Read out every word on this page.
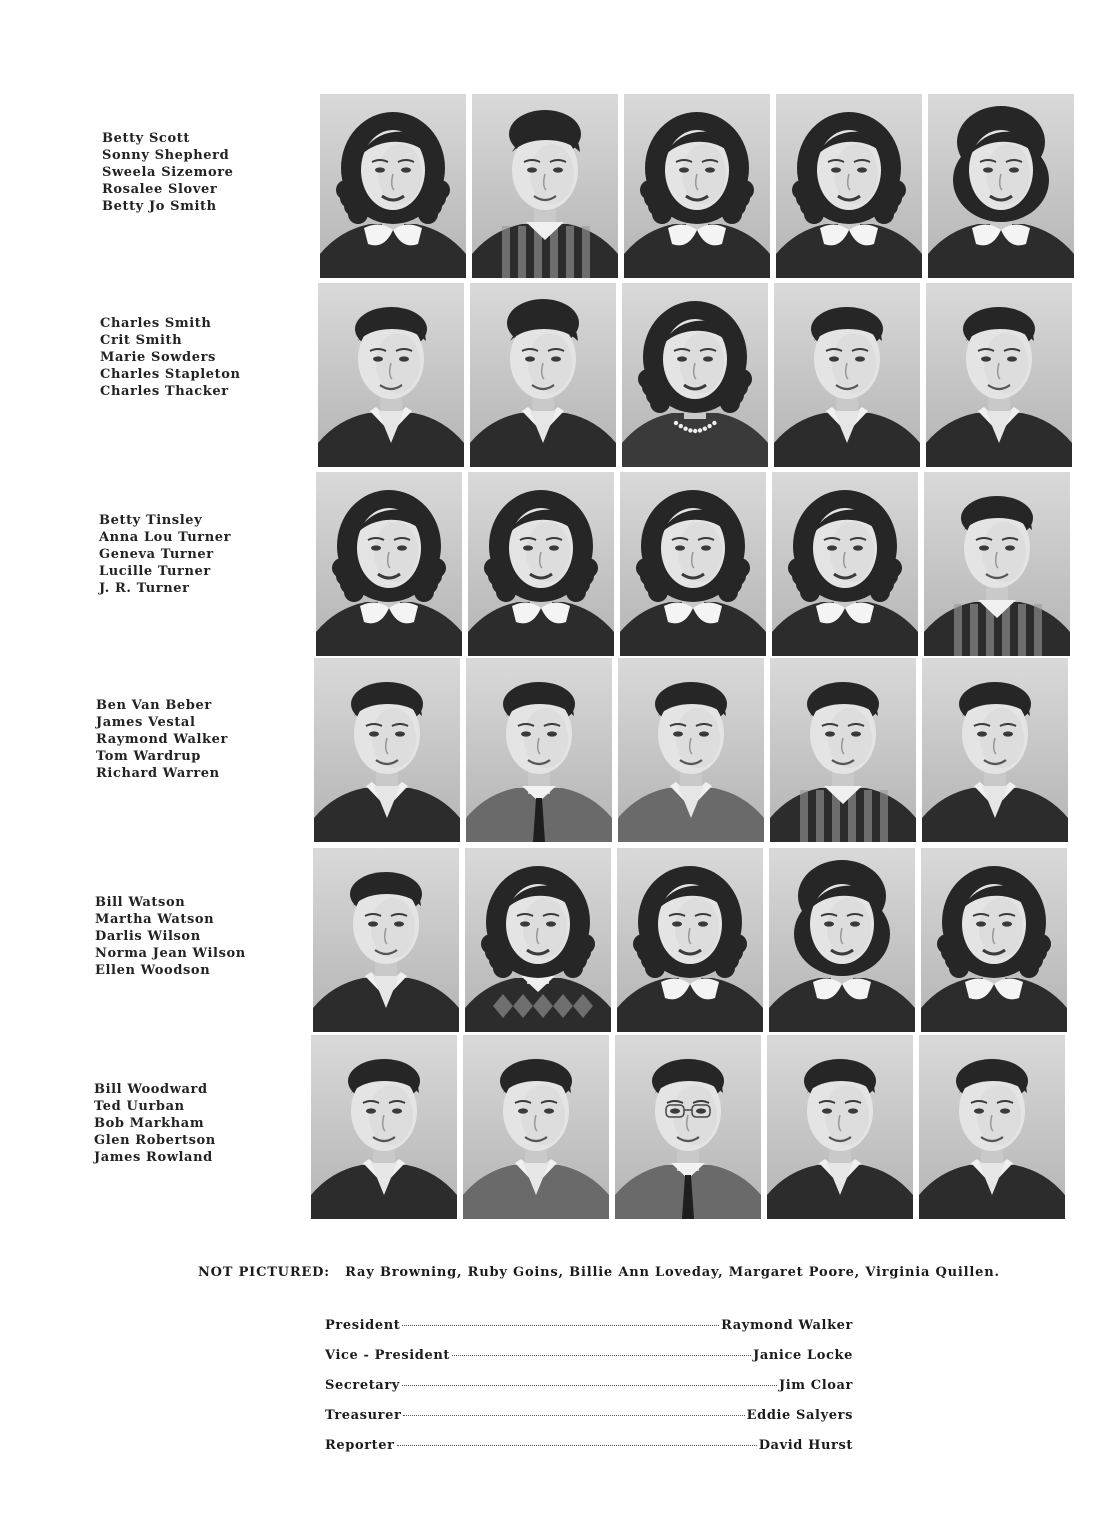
Betty Scott
Sonny Shepherd
Sweela Sizemore
Rosalee Slover
Betty Jo Smith
Charles Smith
Crit Smith
Marie Sowders
Charles Stapleton
Charles Thacker
Betty Tinsley
Anna Lou Turner
Geneva Turner
Lucille Turner
J. R. Turner
Ben Van Beber
James Vestal
Raymond Walker
Tom Wardrup
Richard Warren
Bill Watson
Martha Watson
Darlis Wilson
Norma Jean Wilson
Ellen Woodson
Bill Woodward
Ted Uurban
Bob Markham
Glen Robertson
James Rowland
NOT PICTURED: Ray Browning, Ruby Goins, Billie Ann Loveday, Margaret Poore, Virginia Quillen.
President	Raymond Walker
Vice - President	Janice Locke
Secretary	Jim Cloar
Treasurer	Eddie Salyers
Reporter	David Hurst
